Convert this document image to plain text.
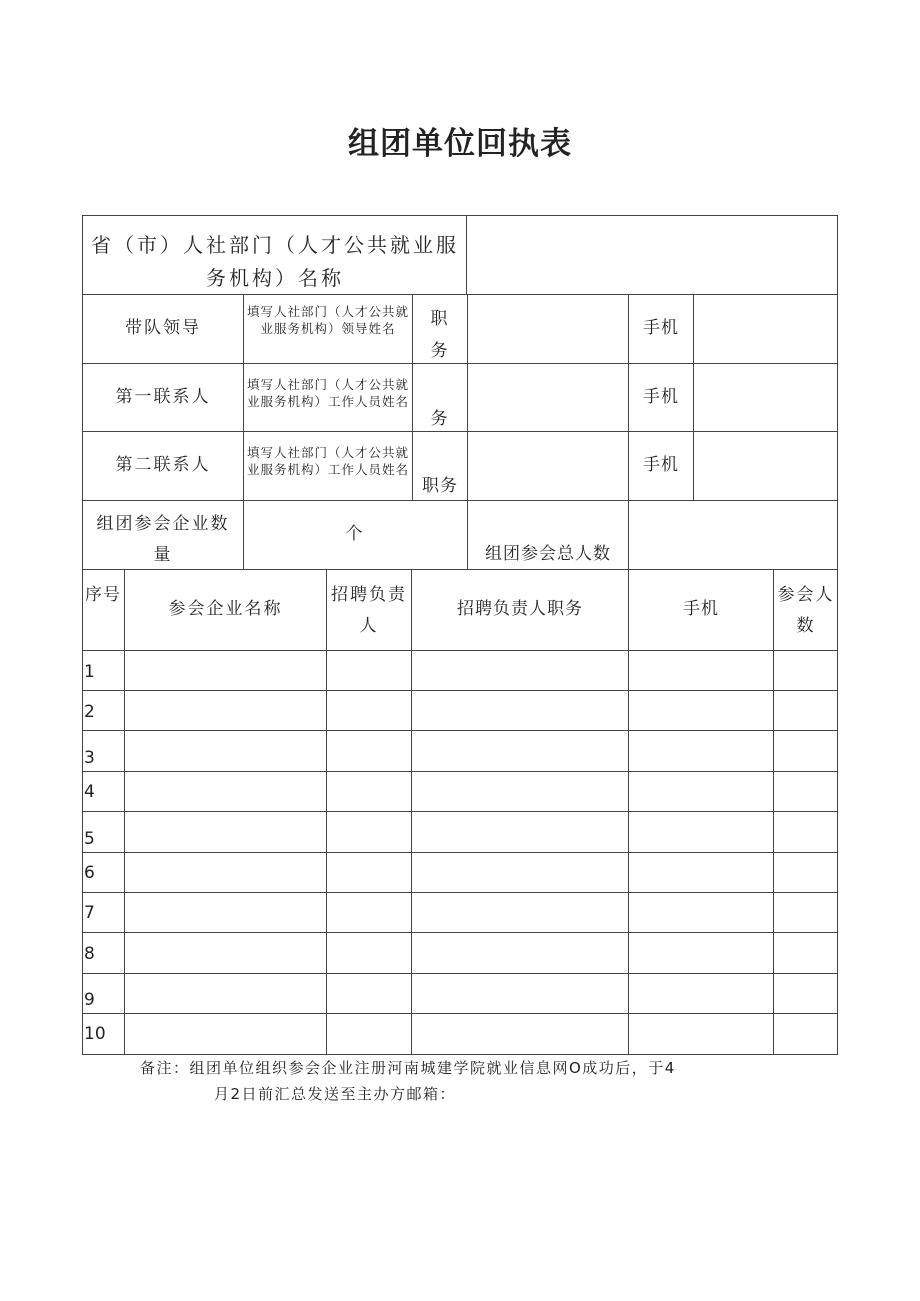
组团单位回执表
省（市）人社部门（人才公共就业服务机构）名称
带队领导
填写人社部门（人才公共就业服务机构）领导姓名	职务
手机
第一联系人
填写人社部门（人才公共就业服务机构）工作人员姓名
务
手机
第二联系人
填写人社部门（人才公共就业服务机构）工作人员姓名
职务
手机
组团参会企业数量
个
组团参会总人数
序号
参会企业名称
招聘负责人
招聘负责人职务	手机
参会人数
1
2
3
4
5
6
7
8
9
10
备注：组团单位组织参会企业注册河南城建学院就业信息网O成功后，于4
月2日前汇总发送至主办方邮箱：
